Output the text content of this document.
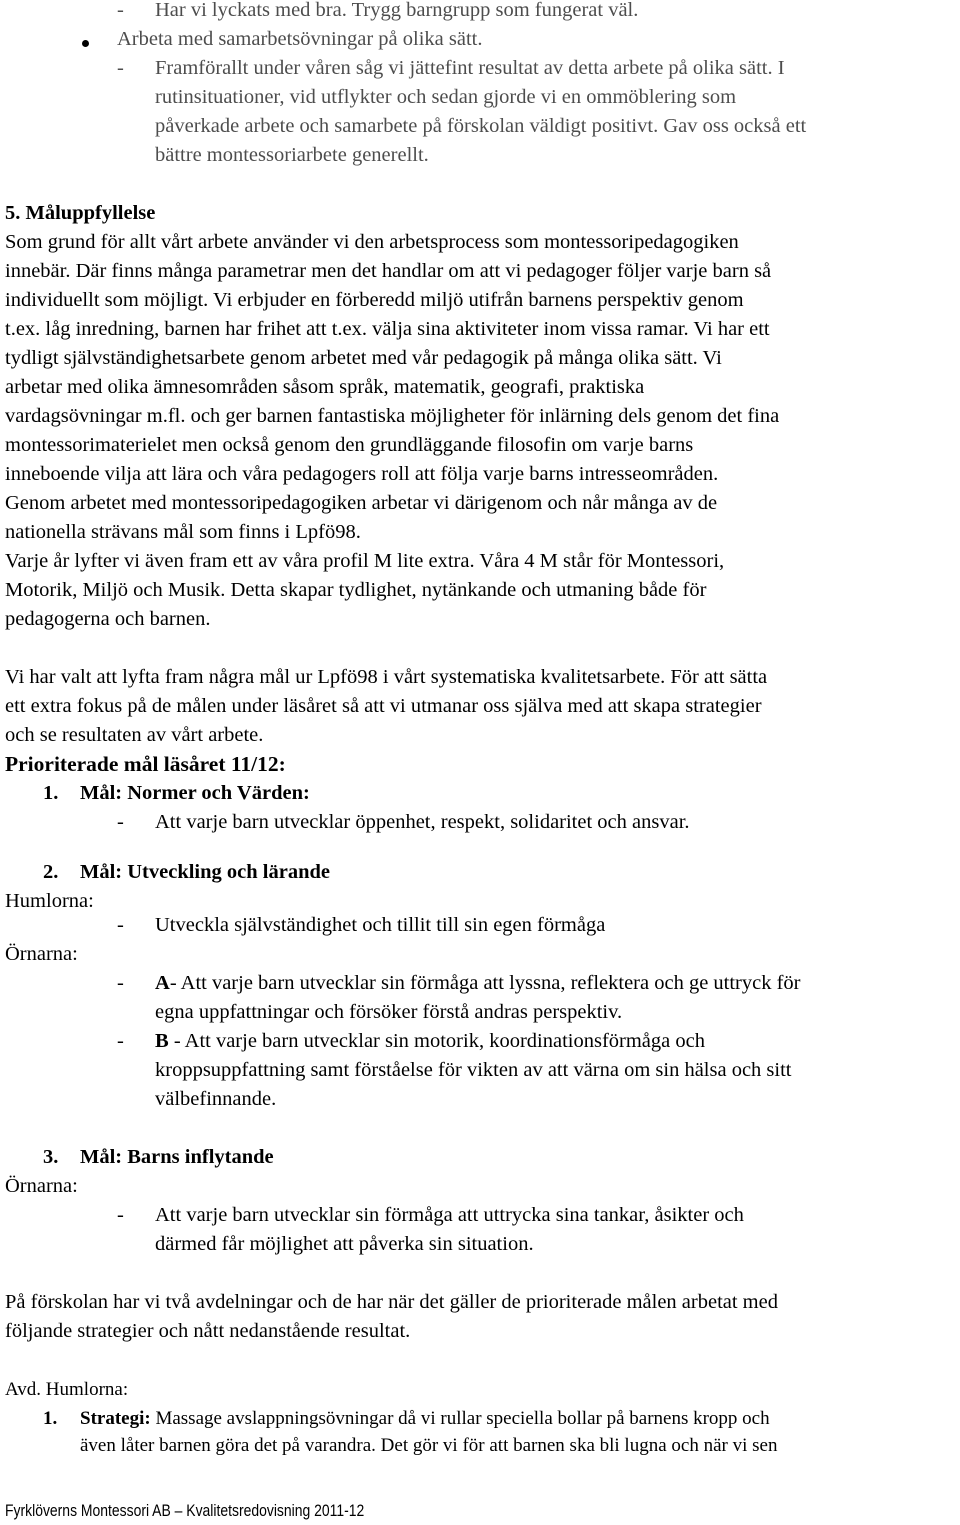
- Har vi lyckats med bra. Trygg barngrupp som fungerat väl.
Arbeta med samarbetsövningar på olika sätt.
- Framförallt under våren såg vi jättefint resultat av detta arbete på olika sätt. I
rutinsituationer, vid utflykter och sedan gjorde vi en ommöblering som
påverkade arbete och samarbete på förskolan väldigt positivt. Gav oss också ett
bättre montessoriarbete generellt.
5. Måluppfyllelse
Som grund för allt vårt arbete använder vi den arbetsprocess som montessoripedagogiken
innebär. Där finns många parametrar men det handlar om att vi pedagoger följer varje barn så
individuellt som möjligt. Vi erbjuder en förberedd miljö utifrån barnens perspektiv genom
t.ex. låg inredning, barnen har frihet att t.ex. välja sina aktiviteter inom vissa ramar. Vi har ett
tydligt självständighetsarbete genom arbetet med vår pedagogik på många olika sätt. Vi
arbetar med olika ämnesområden såsom språk, matematik, geografi, praktiska
vardagsövningar m.fl. och ger barnen fantastiska möjligheter för inlärning dels genom det fina
montessorimaterielet men också genom den grundläggande filosofin om varje barns
inneboende vilja att lära och våra pedagogers roll att följa varje barns intresseområden.
Genom arbetet med montessoripedagogiken arbetar vi därigenom och når många av de
nationella strävans mål som finns i Lpfö98.
Varje år lyfter vi även fram ett av våra profil M lite extra. Våra 4 M står för Montessori,
Motorik, Miljö och Musik. Detta skapar tydlighet, nytänkande och utmaning både för
pedagogerna och barnen.
Vi har valt att lyfta fram några mål ur Lpfö98 i vårt systematiska kvalitetsarbete. För att sätta
ett extra fokus på de målen under läsåret så att vi utmanar oss själva med att skapa strategier
och se resultaten av vårt arbete.
Prioriterade mål läsåret 11/12:
1. Mål: Normer och Värden:
- Att varje barn utvecklar öppenhet, respekt, solidaritet och ansvar.
2. Mål: Utveckling och lärande
Humlorna:
- Utveckla självständighet och tillit till sin egen förmåga
Örnarna:
- A- Att varje barn utvecklar sin förmåga att lyssna, reflektera och ge uttryck för
egna uppfattningar och försöker förstå andras perspektiv.
- B - Att varje barn utvecklar sin motorik, koordinationsförmåga och
kroppsuppfattning samt förståelse för vikten av att värna om sin hälsa och sitt
välbefinnande.
3. Mål: Barns inflytande
Örnarna:
- Att varje barn utvecklar sin förmåga att uttrycka sina tankar, åsikter och
därmed får möjlighet att påverka sin situation.
På förskolan har vi två avdelningar och de har när det gäller de prioriterade målen arbetat med
följande strategier och nått nedanstående resultat.
Avd. Humlorna:
1. Strategi: Massage avslappningsövningar då vi rullar speciella bollar på barnens kropp och
även låter barnen göra det på varandra. Det gör vi för att barnen ska bli lugna och när vi sen
Fyrklöverns Montessori AB – Kvalitetsredovisning 2011-12
